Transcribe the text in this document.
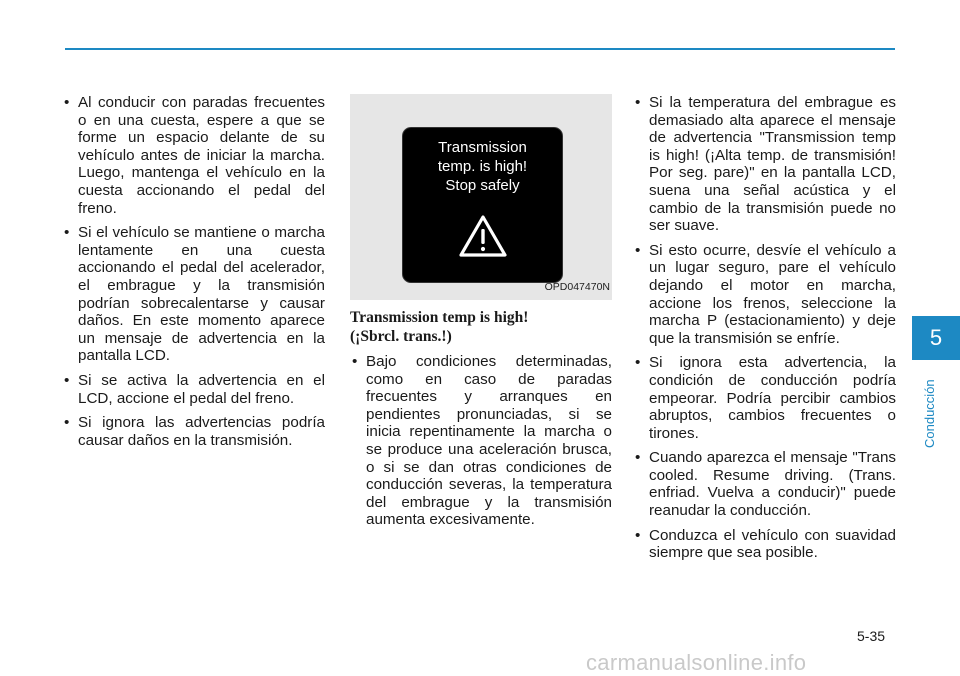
• Al conducir con paradas frecuentes o en una cuesta, espere a que se forme un espacio delante de su vehículo antes de iniciar la marcha. Luego, mantenga el vehículo en la cuesta accionando el pedal del freno.
• Si el vehículo se mantiene o marcha lentamente en una cuesta accionando el pedal del acelerador, el embrague y la transmisión podrían sobrecalentarse y causar daños. En este momento aparece un mensaje de advertencia en la pantalla LCD.
• Si se activa la advertencia en el LCD, accione el pedal del freno.
• Si ignora las advertencias podría causar daños en la transmisión.
Transmission
temp. is high!
Stop safely
OPD047470N
Transmission temp is high!
(¡Sbrcl. trans.!)
• Bajo condiciones determinadas, como en caso de paradas frecuentes y arranques en pendientes pronunciadas, si se inicia repentinamente la marcha o se produce una aceleración brusca, o si se dan otras condiciones de conducción severas, la temperatura del embrague y la transmisión aumenta excesivamente.
• Si la temperatura del embrague es demasiado alta aparece el mensaje de advertencia "Transmission temp is high! (¡Alta temp. de transmisión! Por seg. pare)" en la pantalla LCD, suena una señal acústica y el cambio de la transmisión puede no ser suave.
• Si esto ocurre, desvíe el vehículo a un lugar seguro, pare el vehículo dejando el motor en marcha, accione los frenos, seleccione la marcha P (estacionamiento) y deje que la transmisión se enfríe.
• Si ignora esta advertencia, la condición de conducción podría empeorar. Podría percibir cambios abruptos, cambios frecuentes o tirones.
• Cuando aparezca el mensaje "Trans cooled. Resume driving. (Trans. enfriad. Vuelva a conducir)" puede reanudar la conducción.
• Conduzca el vehículo con suavidad siempre que sea posible.
5
Conducción
5-35
carmanualsonline.info
